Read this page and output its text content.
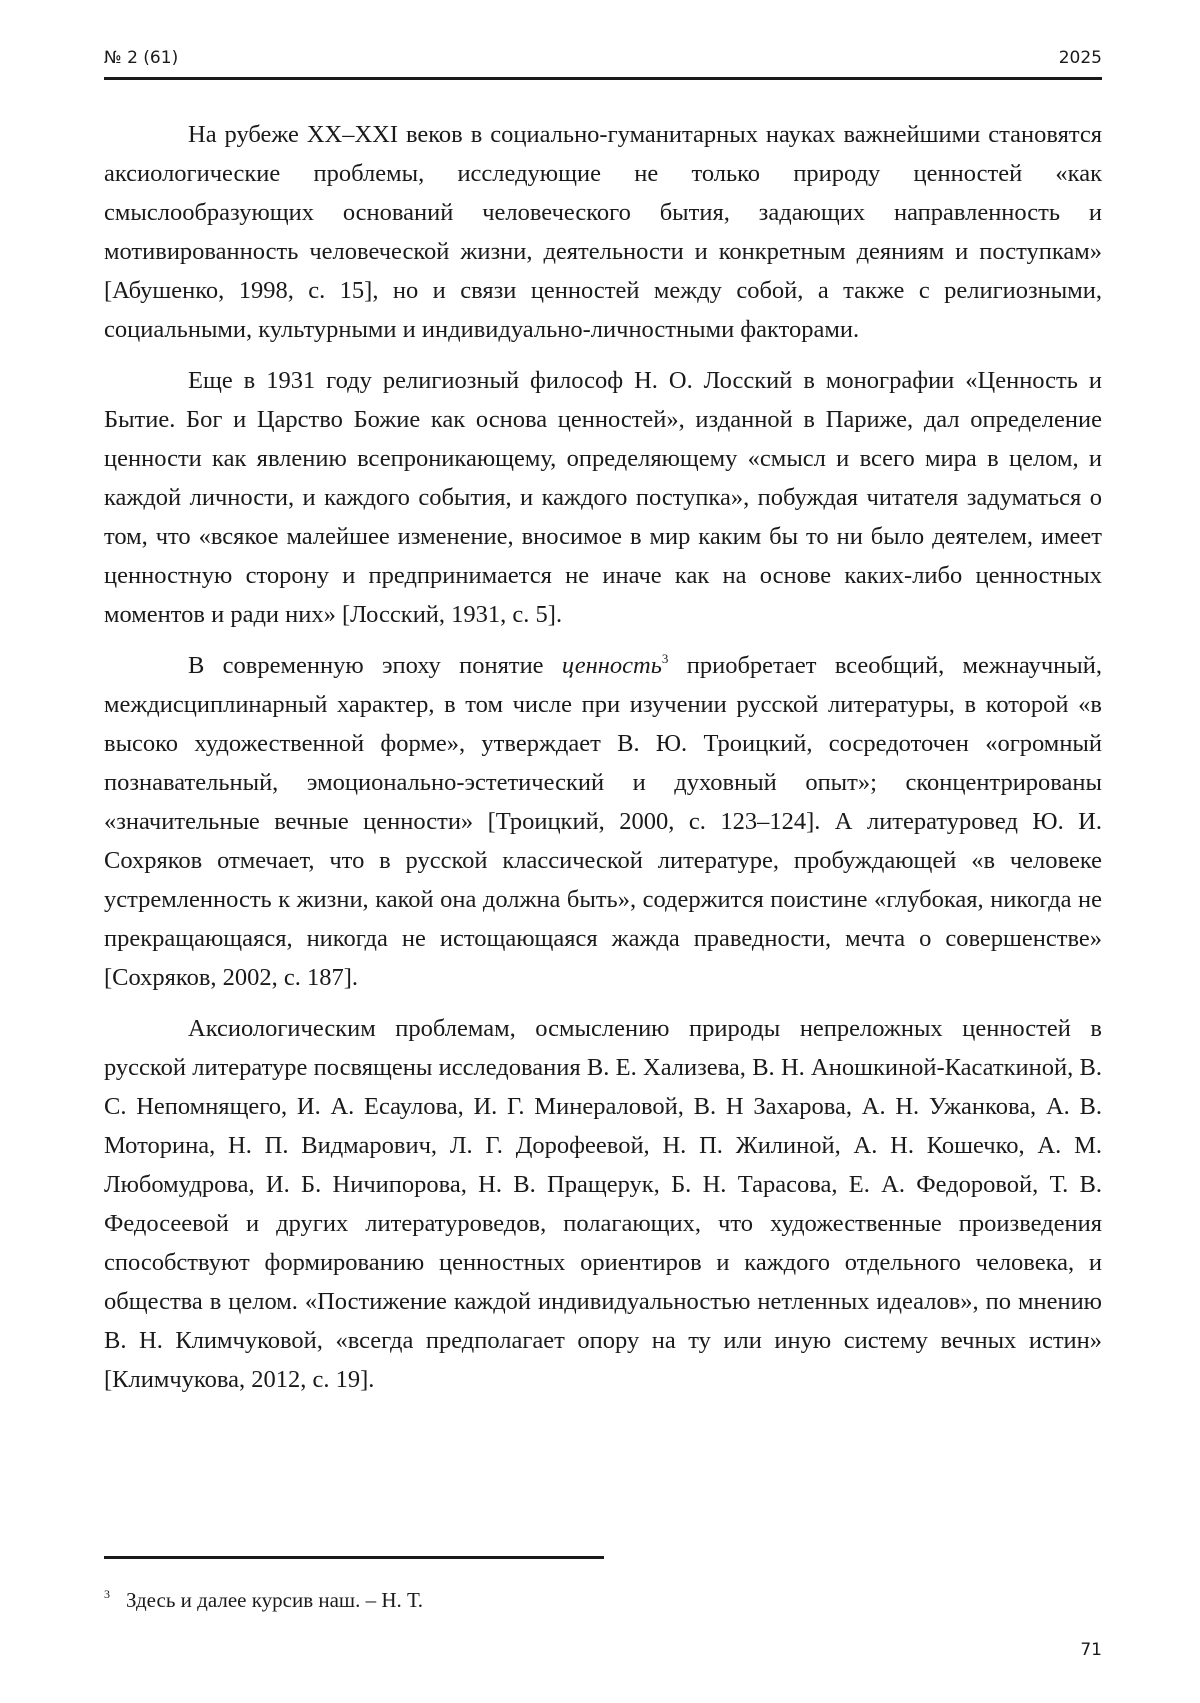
№ 2 (61)	2025

На рубеже XX–XXI веков в социально-гуманитарных науках важнейшими становятся аксиологические проблемы, исследующие не только природу ценностей «как смыслообразующих оснований человеческого бытия, задающих направленность и мотивированность человеческой жизни, деятельности и конкретным деяниям и поступкам» [Абушенко, 1998, с. 15], но и связи ценностей между собой, а также с религиозными, социальными, культурными и индивидуально-личностными факторами.

Еще в 1931 году религиозный философ Н. О. Лосский в монографии «Ценность и Бытие. Бог и Царство Божие как основа ценностей», изданной в Париже, дал определение ценности как явлению всепроникающему, определяющему «смысл и всего мира в целом, и каждой личности, и каждого события, и каждого поступка», побуждая читателя задуматься о том, что «всякое малейшее изменение, вносимое в мир каким бы то ни было деятелем, имеет ценностную сторону и предпринимается не иначе как на основе каких-либо ценностных моментов и ради них» [Лосский, 1931, с. 5].

В современную эпоху понятие ценность$^3$ приобретает всеобщий, межнаучный, междисциплинарный характер, в том числе при изучении русской литературы, в которой «в высоко художественной форме», утверждает В. Ю. Троицкий, сосредоточен «огромный познавательный, эмоционально-эстетический и духовный опыт»; сконцентрированы «значительные вечные ценности» [Троицкий, 2000, с. 123–124]. А литературовед Ю. И. Сохряков отмечает, что в русской классической литературе, пробуждающей «в человеке устремленность к жизни, какой она должна быть», содержится поистине «глубокая, никогда не прекращающаяся, никогда не истощающаяся жажда праведности, мечта о совершенстве» [Сохряков, 2002, с. 187].

Аксиологическим проблемам, осмыслению природы непреложных ценностей в русской литературе посвящены исследования В. Е. Хализева, В. Н. Аношкиной-Касаткиной, В. С. Непомнящего, И. А. Есаулова, И. Г. Минераловой, В. Н Захарова, А. Н. Ужанкова, А. В. Моторина, Н. П. Видмарович, Л. Г. Дорофеевой, Н. П. Жилиной, А. Н. Кошечко, А. М. Любомудрова, И. Б. Ничипорова, Н. В. Пращерук, Б. Н. Тарасова, Е. А. Федоровой, Т. В. Федосеевой и других литературоведов, полагающих, что художественные произведения способствуют формированию ценностных ориентиров и каждого отдельного человека, и общества в целом. «Постижение каждой индивидуальностью нетленных идеалов», по мнению В. Н. Климчуковой, «всегда предполагает опору на ту или иную систему вечных истин» [Климчукова, 2012, с. 19].

$^3$ Здесь и далее курсив наш. – Н. Т.
71
